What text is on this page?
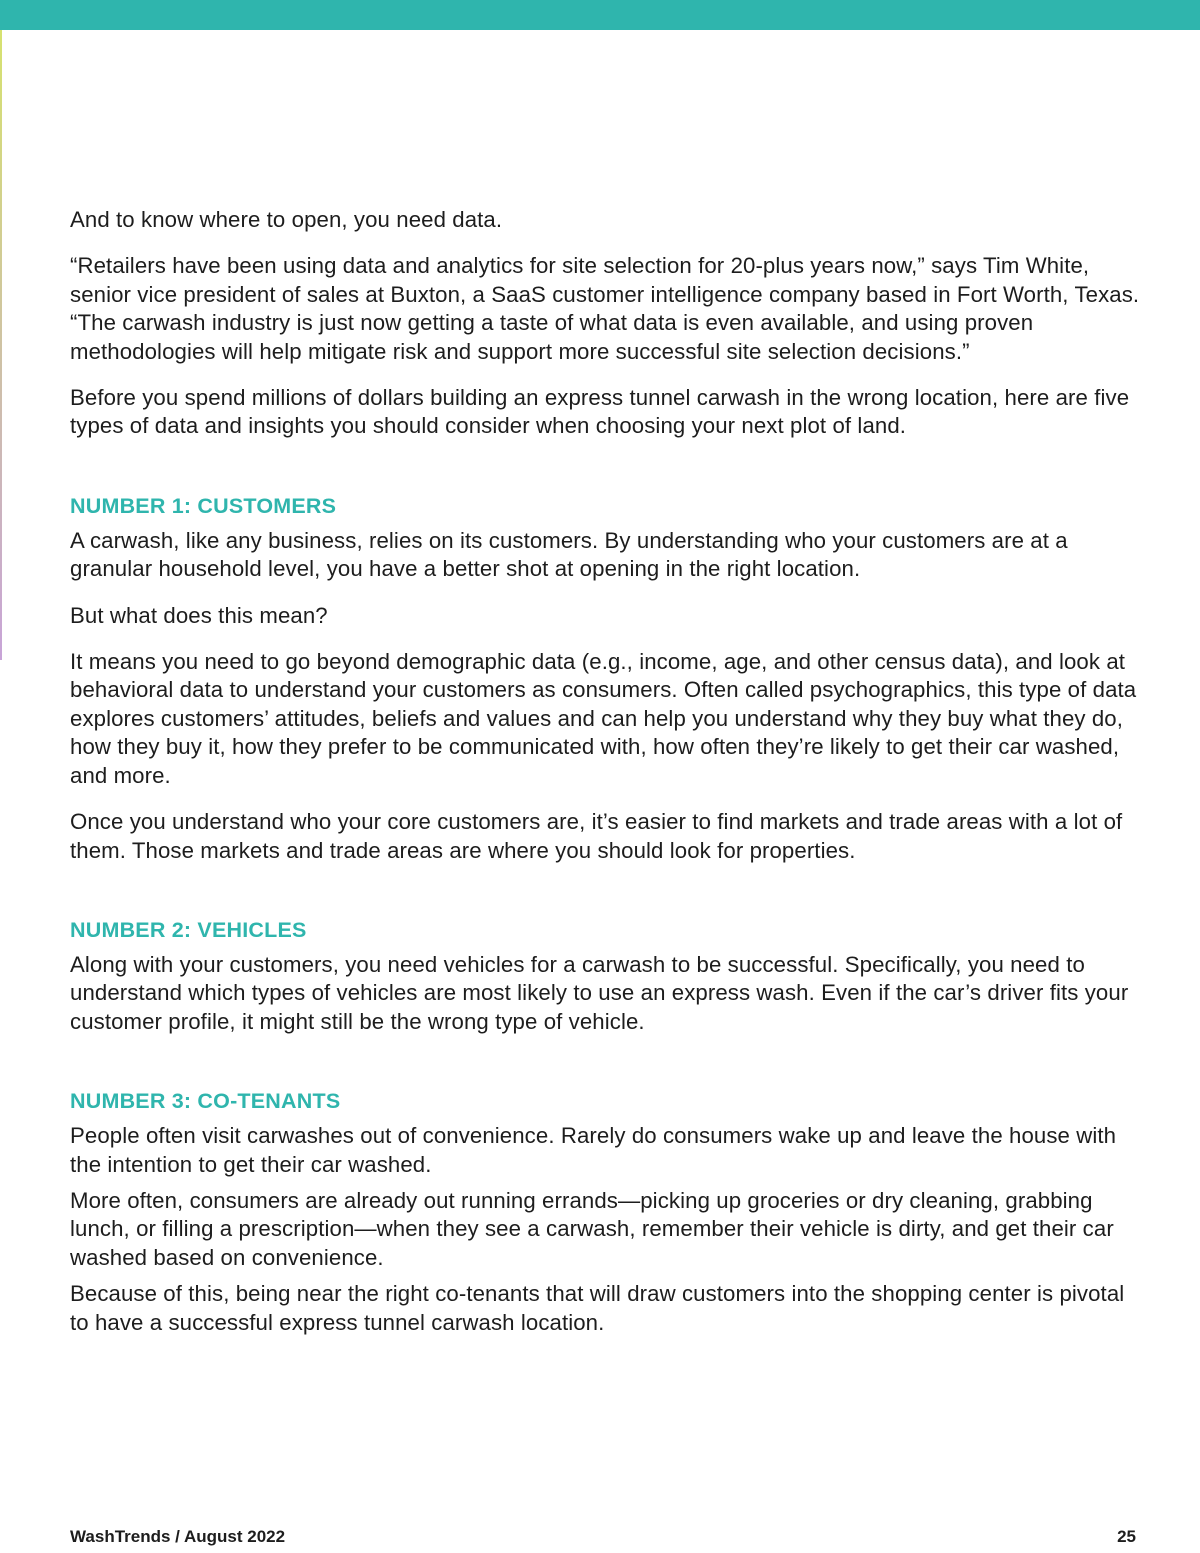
And to know where to open, you need data.

“Retailers have been using data and analytics for site selection for 20-plus years now,” says Tim White, senior vice president of sales at Buxton, a SaaS customer intelligence company based in Fort Worth, Texas. “The carwash industry is just now getting a taste of what data is even available, and using proven methodologies will help mitigate risk and support more successful site selection decisions.”

Before you spend millions of dollars building an express tunnel carwash in the wrong location, here are five types of data and insights you should consider when choosing your next plot of land.

NUMBER 1: CUSTOMERS

A carwash, like any business, relies on its customers. By understanding who your customers are at a granular household level, you have a better shot at opening in the right location.

But what does this mean?

It means you need to go beyond demographic data (e.g., income, age, and other census data), and look at behavioral data to understand your customers as consumers. Often called psychographics, this type of data explores customers’ attitudes, beliefs and values and can help you understand why they buy what they do, how they buy it, how they prefer to be communicated with, how often they’re likely to get their car washed, and more.

Once you understand who your core customers are, it’s easier to find markets and trade areas with a lot of them. Those markets and trade areas are where you should look for properties.

NUMBER 2: VEHICLES

Along with your customers, you need vehicles for a carwash to be successful. Specifically, you need to understand which types of vehicles are most likely to use an express wash. Even if the car’s driver fits your customer profile, it might still be the wrong type of vehicle.

NUMBER 3: CO-TENANTS

People often visit carwashes out of convenience. Rarely do consumers wake up and leave the house with the intention to get their car washed.

More often, consumers are already out running errands—picking up groceries or dry cleaning, grabbing lunch, or filling a prescription—when they see a carwash, remember their vehicle is dirty, and get their car washed based on convenience.

Because of this, being near the right co-tenants that will draw customers into the shopping center is pivotal to have a successful express tunnel carwash location.

WashTrends / August 2022	25
